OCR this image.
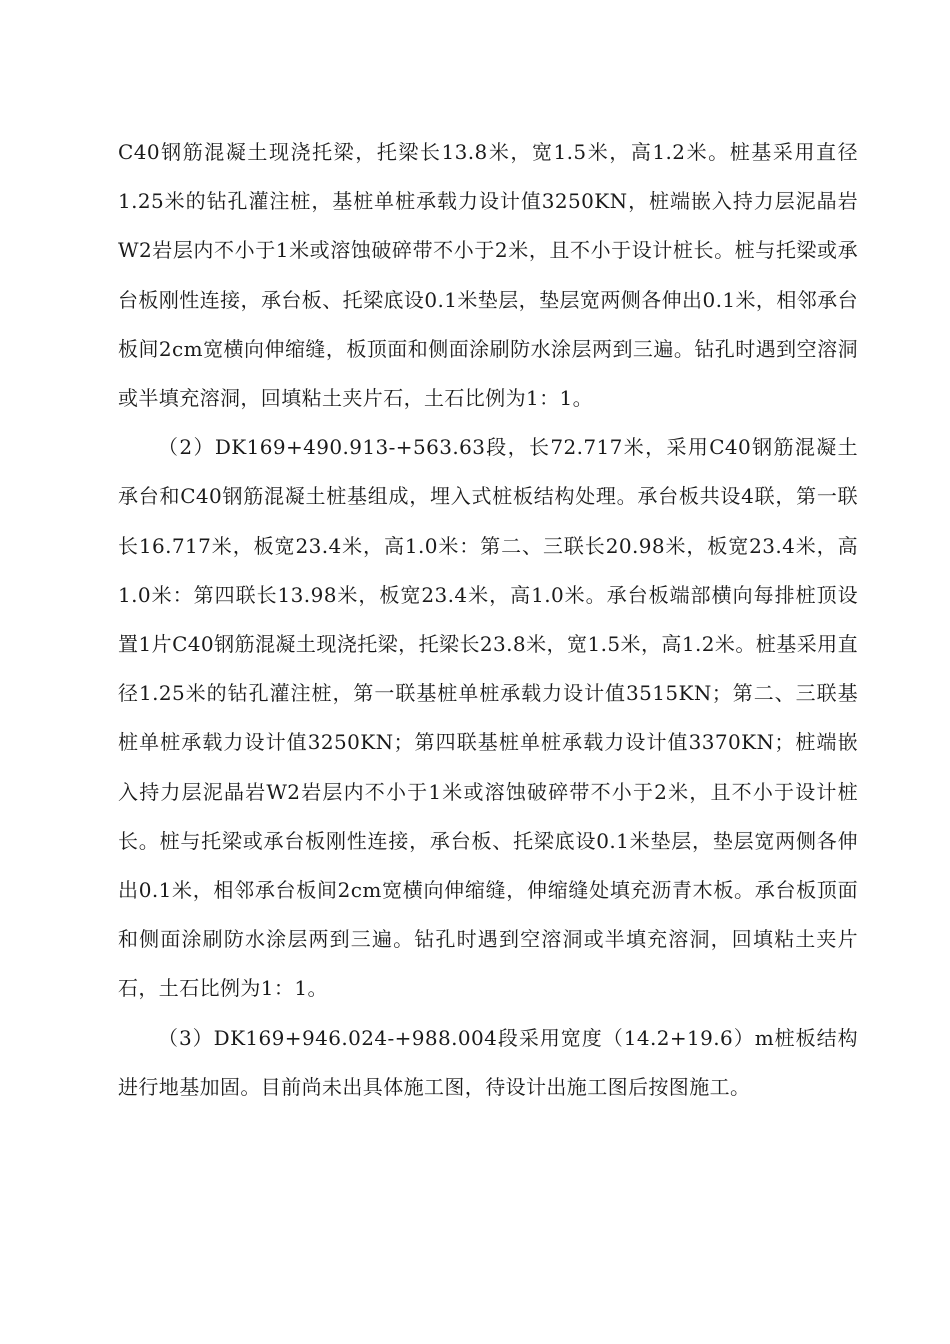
C40钢筋混凝土现浇托梁，托梁长13.8米，宽1.5米，高1.2米。桩基采用直径1.25米的钻孔灌注桩，基桩单桩承载力设计值3250KN，桩端嵌入持力层泥晶岩W2岩层内不小于1米或溶蚀破碎带不小于2米，且不小于设计桩长。桩与托梁或承台板刚性连接，承台板、托梁底设0.1米垫层，垫层宽两侧各伸出0.1米，相邻承台板间2cm宽横向伸缩缝，板顶面和侧面涂刷防水涂层两到三遍。钻孔时遇到空溶洞或半填充溶洞，回填粘土夹片石，土石比例为1：1。

（2）DK169+490.913-+563.63段，长72.717米，采用C40钢筋混凝土承台和C40钢筋混凝土桩基组成，埋入式桩板结构处理。承台板共设4联，第一联长16.717米，板宽23.4米，高1.0米：第二、三联长20.98米，板宽23.4米，高1.0米：第四联长13.98米，板宽23.4米，高1.0米。承台板端部横向每排桩顶设置1片C40钢筋混凝土现浇托梁，托梁长23.8米，宽1.5米，高1.2米。桩基采用直径1.25米的钻孔灌注桩，第一联基桩单桩承载力设计值3515KN；第二、三联基桩单桩承载力设计值3250KN；第四联基桩单桩承载力设计值3370KN；桩端嵌入持力层泥晶岩W2岩层内不小于1米或溶蚀破碎带不小于2米，且不小于设计桩长。桩与托梁或承台板刚性连接，承台板、托梁底设0.1米垫层，垫层宽两侧各伸出0.1米，相邻承台板间2cm宽横向伸缩缝，伸缩缝处填充沥青木板。承台板顶面和侧面涂刷防水涂层两到三遍。钻孔时遇到空溶洞或半填充溶洞，回填粘土夹片石，土石比例为1：1。

（3）DK169+946.024-+988.004段采用宽度（14.2+19.6）m桩板结构进行地基加固。目前尚未出具体施工图，待设计出施工图后按图施工。
